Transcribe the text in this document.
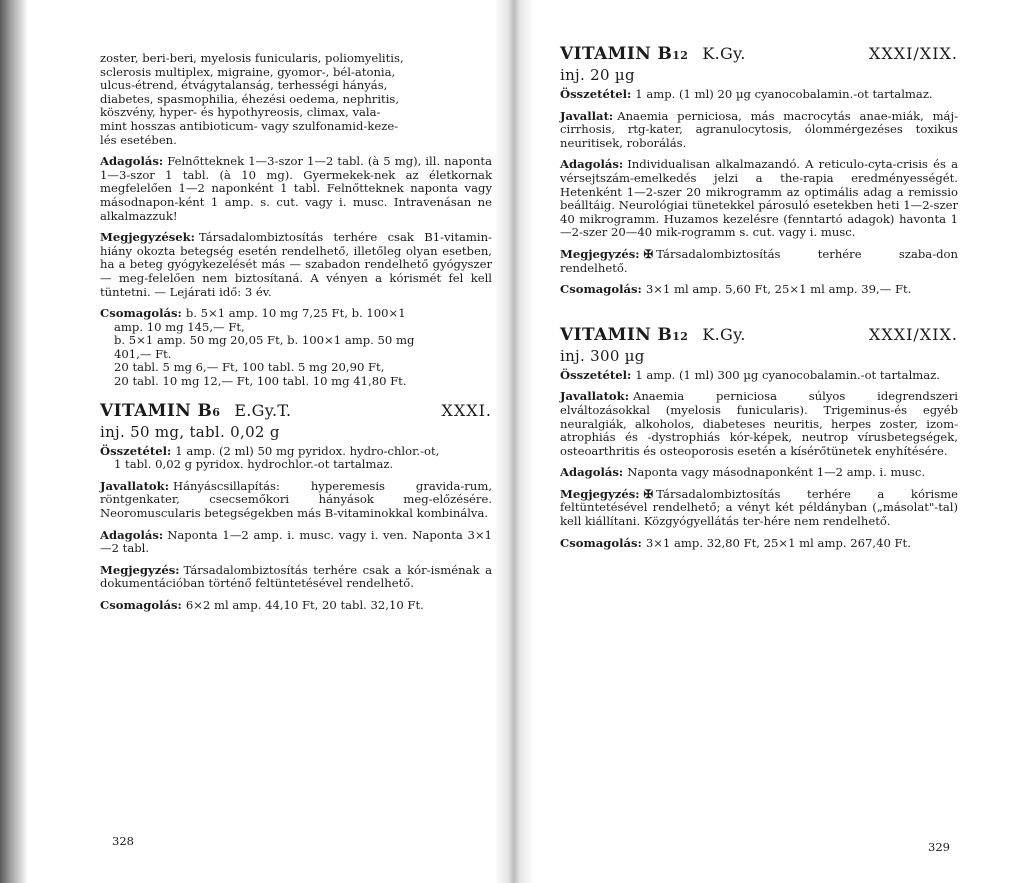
zoster, beri-beri, myelosis funicularis, poliomyelitis,
sclerosis multiplex, migraine, gyomor-, bél-atonia,
ulcus-étrend, étvágytalanság, terhességi hányás,
diabetes, spasmophilia, éhezési oedema, nephritis,
köszvény, hyper- és hypothyreosis, climax, vala-
mint hosszas antibioticum- vagy szulfonamid-keze-
lés esetében.

Adagolás: Felnőtteknek 1—3-szor 1—2 tabl. (à 5 mg), ill. naponta 1—3-szor 1 tabl. (à 10 mg). Gyermekek-nek az életkornak megfelelően 1—2 naponként 1 tabl. Felnőtteknek naponta vagy másodnapon-ként 1 amp. s. cut. vagy i. musc. Intravenásan ne alkalmazzuk!

Megjegyzések: Társadalombiztosítás terhére csak B1-vitamin-hiány okozta betegség esetén rendelhető, illetőleg olyan esetben, ha a beteg gyógykezelését más — szabadon rendelhető gyógyszer — meg-felelően nem biztosítaná. A vényen a kórismét fel kell tüntetni. — Lejárati idő: 3 év.

Csomagolás: b. 5×1 amp. 10 mg 7,25 Ft, b. 100×1
amp. 10 mg 145,— Ft,
b. 5×1 amp. 50 mg 20,05 Ft, b. 100×1 amp. 50 mg
401,— Ft.
20 tabl. 5 mg 6,— Ft, 100 tabl. 5 mg 20,90 Ft,
20 tabl. 10 mg 12,— Ft, 100 tabl. 10 mg 41,80 Ft.
VITAMIN B 6 E.Gy.T.	XXXI.
inj. 50 mg, tabl. 0,02 g
Összetétel: 1 amp. (2 ml) 50 mg pyridox. hydro-chlor.-ot,
1 tabl. 0,02 g pyridox. hydrochlor.-ot tartalmaz.

Javallatok: Hányáscsillapítás: hyperemesis gravida-rum, röntgenkater, csecsemőkori hányások meg-előzésére. Neoromuscularis betegségekben más B-vitaminokkal kombinálva.

Adagolás: Naponta 1—2 amp. i. musc. vagy i. ven. Naponta 3×1—2 tabl.

Megjegyzés: Társadalombiztosítás terhére csak a kór-isménak a dokumentációban történő feltüntetésével rendelhető.

Csomagolás: 6×2 ml amp. 44,10 Ft, 20 tabl. 32,10 Ft.

328
VITAMIN B 12 K.Gy.	XXXI/XIX.
inj. 20 µg

Összetétel: 1 amp. (1 ml) 20 µg cyanocobalamin.-ot tartalmaz.

Javallat: Anaemia perniciosa, más macrocytás anae-miák, máj-cirrhosis, rtg-kater, agranulocytosis, ólommérgezéses toxikus neuritisek, roborálás.

Adagolás: Individualisan alkalmazandó. A reticulo-cyta-crisis és a vérsejtszám-emelkedés jelzi a the-rapia eredményességét. Hetenként 1—2-szer 20 mikrogramm az optimális adag a remissio beálltáig. Neurológiai tünetekkel párosuló esetekben heti 1—2-szer 40 mikrogramm. Huzamos kezelésre (fenntartó adagok) havonta 1—2-szer 20—40 mik-rogramm s. cut. vagy i. musc.

Megjegyzés: ✠ Társadalombiztosítás terhére szaba-don rendelhető.

Csomagolás: 3×1 ml amp. 5,60 Ft, 25×1 ml amp. 39,— Ft.

VITAMIN B 12 K.Gy.	XXXI/XIX.
inj. 300 µg

Összetétel: 1 amp. (1 ml) 300 µg cyanocobalamin.-ot tartalmaz.

Javallatok: Anaemia perniciosa súlyos idegrendszeri elváltozásokkal (myelosis funicularis). Trigeminus-és egyéb neuralgiák, alkoholos, diabeteses neuritis, herpes zoster, izom-atrophiás és -dystrophiás kór-képek, neutrop vírusbetegségek, osteoarthritis és osteoporosis esetén a kísérőtünetek enyhítésére.

Adagolás: Naponta vagy másodnaponként 1—2 amp. i. musc.

Megjegyzés: ✠ Társadalombiztosítás terhére a kórisme feltüntetésével rendelhető; a vényt két példányban („másolat"-tal) kell kiállítani. Közgyógyellátás ter-hére nem rendelhető.

Csomagolás: 3×1 amp. 32,80 Ft, 25×1 ml amp. 267,40 Ft.

329
